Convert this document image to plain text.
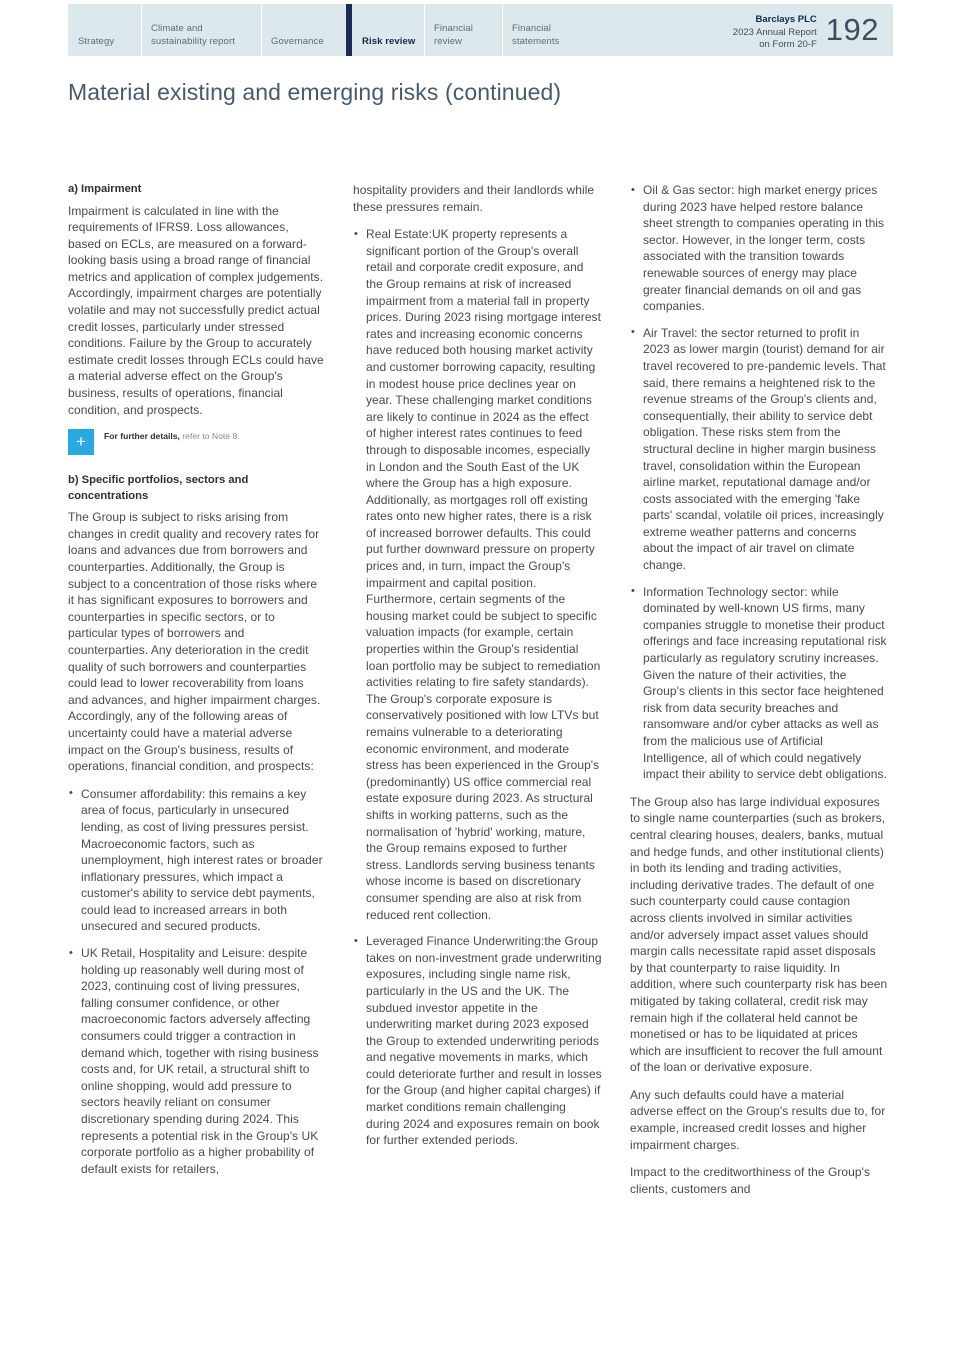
Strategy
Climate and sustainability report	Governance	Risk review
Financial review
Financial statements
Barclays PLC
2023 Annual Report
on Form 20-F 192
Material existing and emerging risks (continued)
a) Impairment

Impairment is calculated in line with the requirements of IFRS9. Loss allowances, based on ECLs, are measured on a forward-looking basis using a broad range of financial metrics and application of complex judgements. Accordingly, impairment charges are potentially volatile and may not successfully predict actual credit losses, particularly under stressed conditions. Failure by the Group to accurately estimate credit losses through ECLs could have a material adverse effect on the Group's business, results of operations, financial condition, and prospects.

+	For further details, refer to Note 8.
b) Specific portfolios, sectors and concentrations

The Group is subject to risks arising from changes in credit quality and recovery rates for loans and advances due from borrowers and counterparties. Additionally, the Group is subject to a concentration of those risks where it has significant exposures to borrowers and counterparties in specific sectors, or to particular types of borrowers and counterparties. Any deterioration in the credit quality of such borrowers and counterparties could lead to lower recoverability from loans and advances, and higher impairment charges. Accordingly, any of the following areas of uncertainty could have a material adverse impact on the Group's business, results of operations, financial condition, and prospects:

• Consumer affordability: this remains a key area of focus, particularly in unsecured lending, as cost of living pressures persist. Macroeconomic factors, such as unemployment, high interest rates or broader inflationary pressures, which impact a customer's ability to service debt payments, could lead to increased arrears in both unsecured and secured products.
• UK Retail, Hospitality and Leisure: despite holding up reasonably well during most of 2023, continuing cost of living pressures, falling consumer confidence, or other macroeconomic factors adversely affecting consumers could trigger a contraction in demand which, together with rising business costs and, for UK retail, a structural shift to online shopping, would add pressure to sectors heavily reliant on consumer discretionary spending during 2024. This represents a potential risk in the Group's UK corporate portfolio as a higher probability of default exists for retailers,

hospitality providers and their landlords while these pressures remain.

• Real Estate:UK property represents a significant portion of the Group's overall retail and corporate credit exposure, and the Group remains at risk of increased impairment from a material fall in property prices. During 2023 rising mortgage interest rates and increasing economic concerns have reduced both housing market activity and customer borrowing capacity, resulting in modest house price declines year on year. These challenging market conditions are likely to continue in 2024 as the effect of higher interest rates continues to feed through to disposable incomes, especially in London and the South East of the UK where the Group has a high exposure. Additionally, as mortgages roll off existing rates onto new higher rates, there is a risk of increased borrower defaults. This could put further downward pressure on property prices and, in turn, impact the Group's impairment and capital position. Furthermore, certain segments of the housing market could be subject to specific valuation impacts (for example, certain properties within the Group's residential loan portfolio may be subject to remediation activities relating to fire safety standards). The Group's corporate exposure is conservatively positioned with low LTVs but remains vulnerable to a deteriorating economic environment, and moderate stress has been experienced in the Group's (predominantly) US office commercial real estate exposure during 2023. As structural shifts in working patterns, such as the normalisation of 'hybrid' working, mature, the Group remains exposed to further stress. Landlords serving business tenants whose income is based on discretionary consumer spending are also at risk from reduced rent collection.
• Leveraged Finance Underwriting:the Group takes on non-investment grade underwriting exposures, including single name risk, particularly in the US and the UK. The subdued investor appetite in the underwriting market during 2023 exposed the Group to extended underwriting periods and negative movements in marks, which could deteriorate further and result in losses for the Group (and higher capital charges) if market conditions remain challenging during 2024 and exposures remain on book for further extended periods.
• Oil & Gas sector: high market energy prices during 2023 have helped restore balance sheet strength to companies operating in this sector. However, in the longer term, costs associated with the transition towards renewable sources of energy may place greater financial demands on oil and gas companies.
• Air Travel: the sector returned to profit in 2023 as lower margin (tourist) demand for air travel recovered to pre-pandemic levels. That said, there remains a heightened risk to the revenue streams of the Group's clients and, consequentially, their ability to service debt obligation. These risks stem from the structural decline in higher margin business travel, consolidation within the European airline market, reputational damage and/or costs associated with the emerging 'fake parts' scandal, volatile oil prices, increasingly extreme weather patterns and concerns about the impact of air travel on climate change.
• Information Technology sector: while dominated by well-known US firms, many companies struggle to monetise their product offerings and face increasing reputational risk particularly as regulatory scrutiny increases. Given the nature of their activities, the Group's clients in this sector face heightened risk from data security breaches and ransomware and/or cyber attacks as well as from the malicious use of Artificial Intelligence, all of which could negatively impact their ability to service debt obligations.

The Group also has large individual exposures to single name counterparties (such as brokers, central clearing houses, dealers, banks, mutual and hedge funds, and other institutional clients) in both its lending and trading activities, including derivative trades. The default of one such counterparty could cause contagion across clients involved in similar activities and/or adversely impact asset values should margin calls necessitate rapid asset disposals by that counterparty to raise liquidity. In addition, where such counterparty risk has been mitigated by taking collateral, credit risk may remain high if the collateral held cannot be monetised or has to be liquidated at prices which are insufficient to recover the full amount of the loan or derivative exposure.

Any such defaults could have a material adverse effect on the Group's results due to, for example, increased credit losses and higher impairment charges.

Impact to the creditworthiness of the Group's clients, customers and
